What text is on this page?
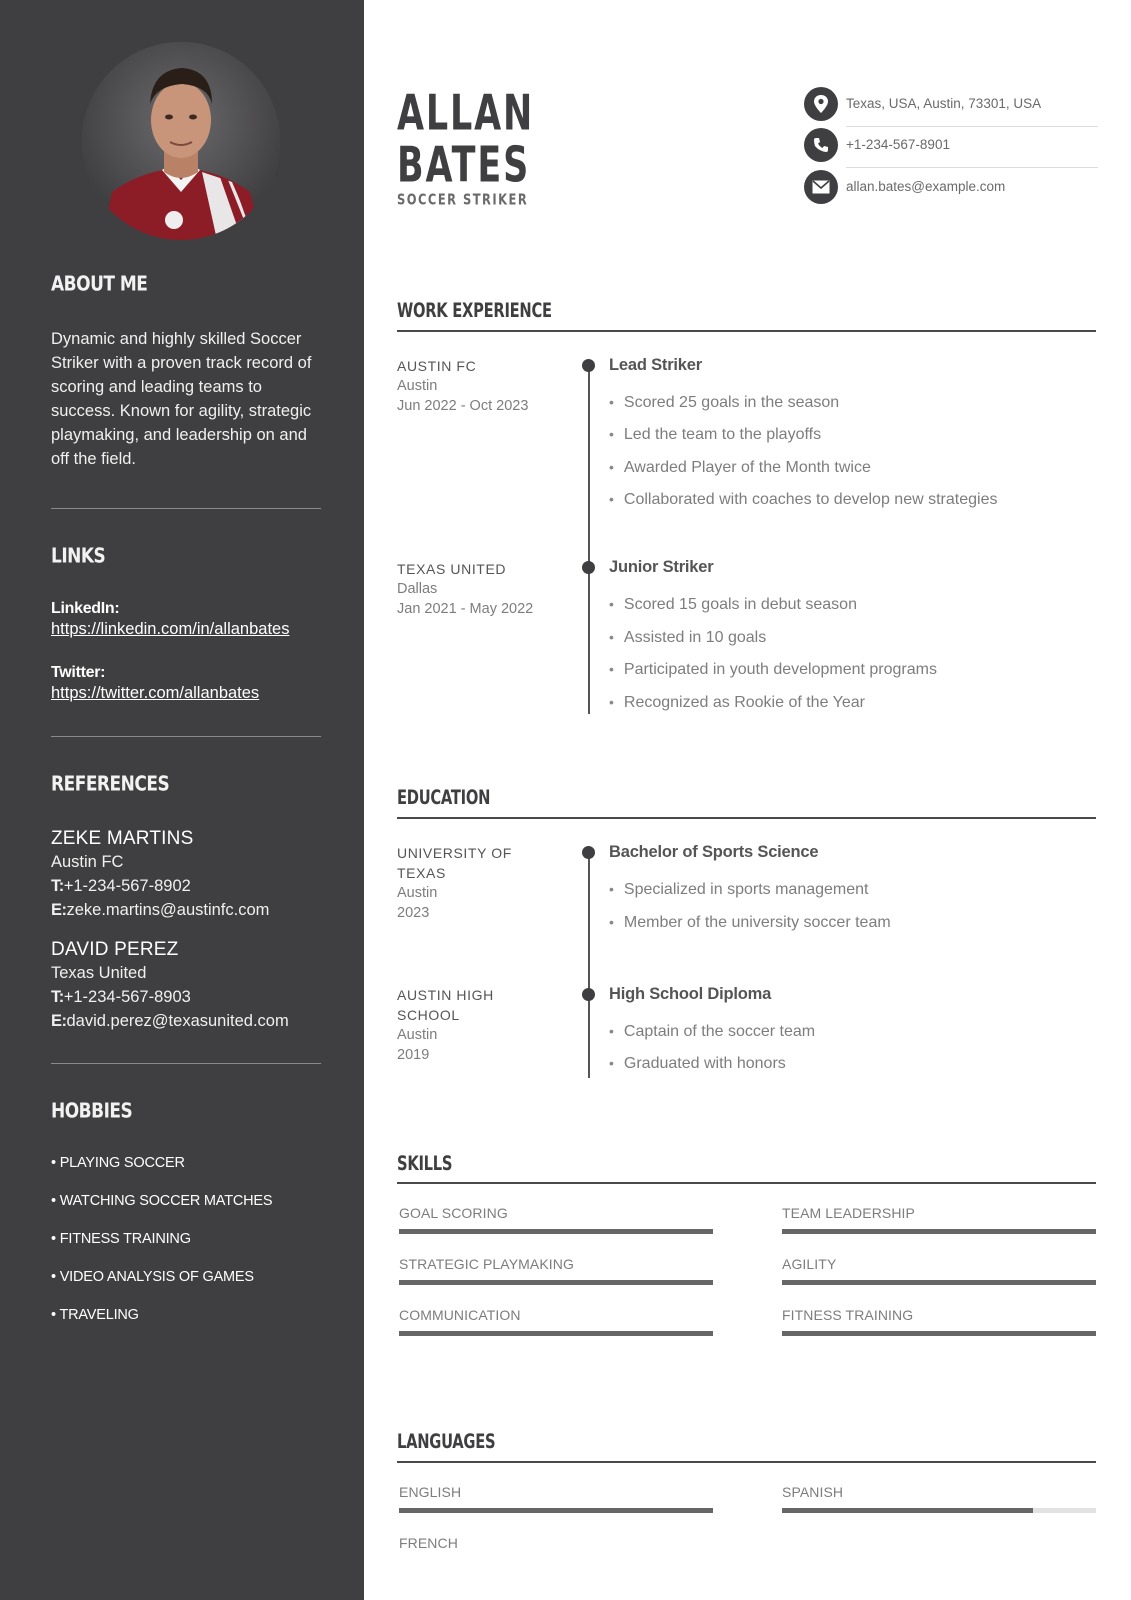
ABOUT ME
Dynamic and highly skilled Soccer Striker with a proven track record of scoring and leading teams to success. Known for agility, strategic playmaking, and leadership on and off the field.
LINKS
LinkedIn:
https://linkedin.com/in/allanbates
Twitter:
https://twitter.com/allanbates
REFERENCES
ZEKE MARTINS
Austin FC
T:+1-234-567-8902
E:zeke.martins@austinfc.com
DAVID PEREZ
Texas United
T:+1-234-567-8903
E:david.perez@texasunited.com
HOBBIES
• PLAYING SOCCER
• WATCHING SOCCER MATCHES
• FITNESS TRAINING
• VIDEO ANALYSIS OF GAMES
• TRAVELING
ALLAN
BATES
SOCCER STRIKER
Texas, USA, Austin, 73301, USA
+1-234-567-8901
allan.bates@example.com
WORK EXPERIENCE
AUSTIN FC
Austin
Jun 2022 - Oct 2023
Lead Striker
• Scored 25 goals in the season
• Led the team to the playoffs
• Awarded Player of the Month twice
• Collaborated with coaches to develop new strategies
TEXAS UNITED
Dallas
Jan 2021 - May 2022
Junior Striker
• Scored 15 goals in debut season
• Assisted in 10 goals
• Participated in youth development programs
• Recognized as Rookie of the Year
EDUCATION
UNIVERSITY OF
TEXAS
Austin
2023
Bachelor of Sports Science
• Specialized in sports management
• Member of the university soccer team
AUSTIN HIGH
SCHOOL
Austin
2019
High School Diploma
• Captain of the soccer team
• Graduated with honors
SKILLS
GOAL SCORING	TEAM LEADERSHIP
STRATEGIC PLAYMAKING	AGILITY
COMMUNICATION	FITNESS TRAINING
LANGUAGES
ENGLISH	SPANISH
FRENCH
